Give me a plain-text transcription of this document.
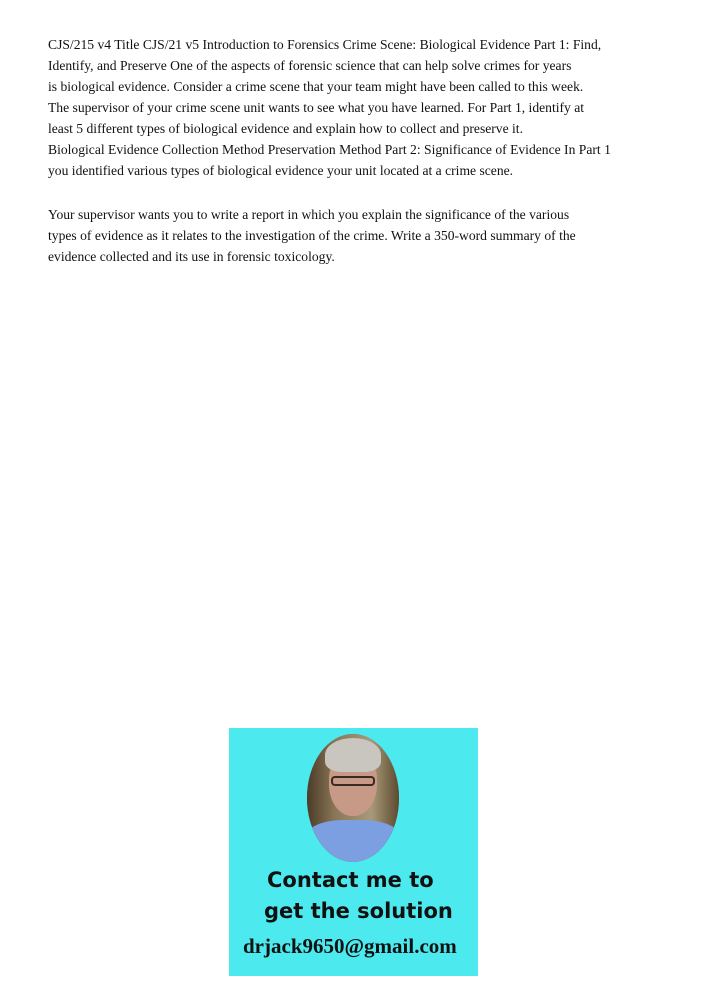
CJS/215 v4 Title CJS/21 v5 Introduction to Forensics Crime Scene: Biological Evidence Part 1: Find,
Identify, and Preserve One of the aspects of forensic science that can help solve crimes for years
is biological evidence. Consider a crime scene that your team might have been called to this week.
The supervisor of your crime scene unit wants to see what you have learned. For Part 1, identify at
least 5 different types of biological evidence and explain how to collect and preserve it.
Biological Evidence Collection Method Preservation Method Part 2: Significance of Evidence In Part 1
you identified various types of biological evidence your unit located at a crime scene.
Your supervisor wants you to write a report in which you explain the significance of the various
types of evidence as it relates to the investigation of the crime. Write a 350-word summary of the
evidence collected and its use in forensic toxicology.
Contact me to
get the solution
drjack9650@gmail.com
